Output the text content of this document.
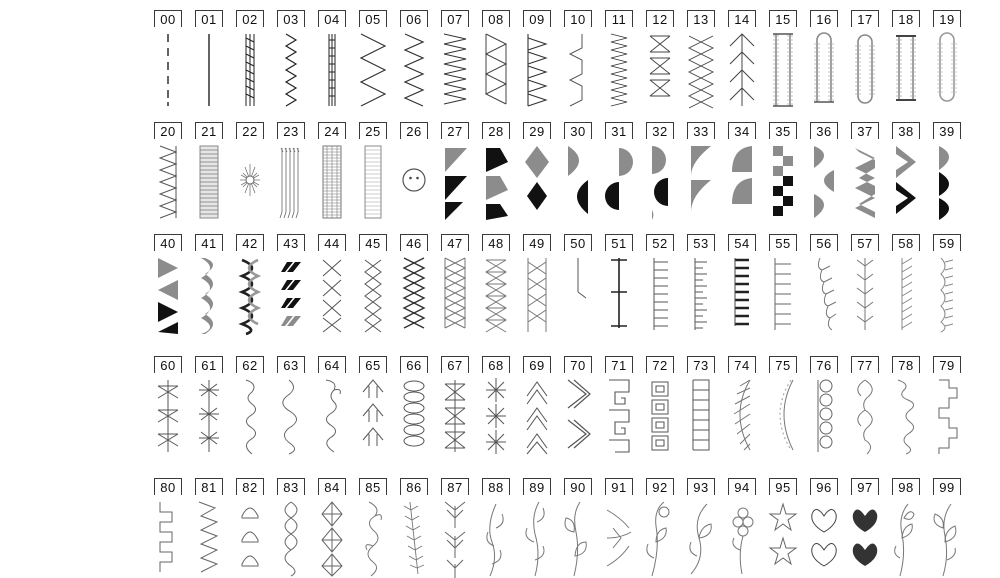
00	01	02	03	04	05	06	07	08	09	10	11	12	13	14	15	16	17	18	19
20	21	22	23	24	25	26	27	28	29	30	31	32	33	34	35	36	37	38	39
40	41	42	43	44	45	46	47	48	49	50	51	52	53	54	55	56	57	58	59
60	61	62	63	64	65	66	67	68	69	70	71	72	73	74	75	76	77	78	79
80	81	82	83	84	85	86	87	88	89	90	91	92	93	94	95	96	97	98	99
